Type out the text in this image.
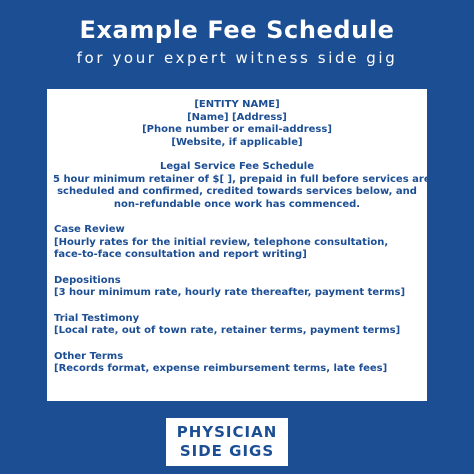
Example Fee Schedule

for your expert witness side gig

[ENTITY NAME]
[Name] [Address]
[Phone number or email-address]
[Website, if applicable]
Legal Service Fee Schedule
5 hour minimum retainer of $[ ], prepaid in full before services are
scheduled and confirmed, credited towards services below, and
non-refundable once work has commenced.
Case Review
[Hourly rates for the initial review, telephone consultation,
face-to-face consultation and report writing]
Depositions
[3 hour minimum rate, hourly rate thereafter, payment terms]
Trial Testimony
[Local rate, out of town rate, retainer terms, payment terms]
Other Terms
[Records format, expense reimbursement terms, late fees]
PHYSICIAN
SIDE GIGS
